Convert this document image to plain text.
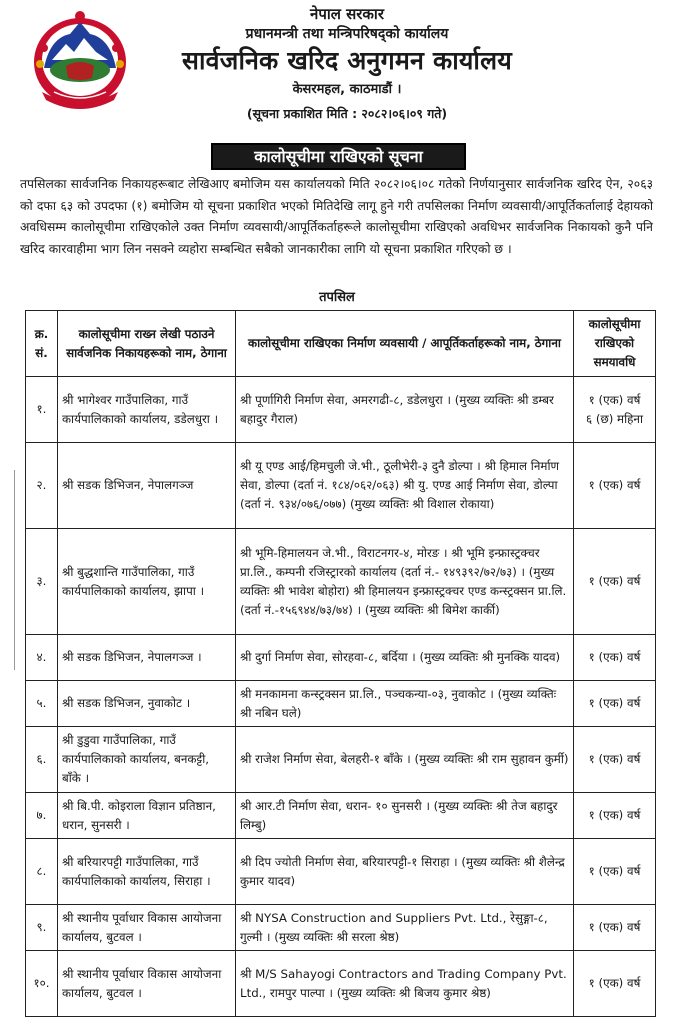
नेपाल सरकार
प्रधानमन्त्री तथा मन्त्रिपरिषद्को कार्यालय
सार्वजनिक खरिद अनुगमन कार्यालय
केसरमहल, काठमाडौं ।
(सूचना प्रकाशित मिति : २०८२।०६।०९ गते)
कालोसूचीमा राखिएको सूचना
तपसिलका सार्वजनिक निकायहरूबाट लेखिआए बमोजिम यस कार्यालयको मिति २०८२।०६।०८ गतेको निर्णयानुसार सार्वजनिक खरिद ऐन, २०६३ को दफा ६३ को उपदफा (१) बमोजिम यो सूचना प्रकाशित भएको मितिदेखि लागू हुने गरी तपसिलका निर्माण व्यवसायी/आपूर्तिकर्तालाई देहायको अवधिसम्म कालोसूचीमा राखिएकोले उक्त निर्माण व्यवसायी/आपूर्तिकर्ताहरूले कालोसूचीमा राखिएको अवधिभर सार्वजनिक निकायको कुनै पनि खरिद कारवाहीमा भाग लिन नसक्ने व्यहोरा सम्बन्धित सबैको जानकारीका लागि यो सूचना प्रकाशित गरिएको छ ।
तपसिल
क्र. सं.	कालोसूचीमा राख्न लेखी पठाउने सार्वजनिक निकायहरूको नाम, ठेगाना	कालोसूचीमा राखिएका निर्माण व्यवसायी / आपूर्तिकर्ताहरूको नाम, ठेगाना	कालोसूचीमा राखिएको समयावधि
१.	श्री भागेश्वर गाउँपालिका, गाउँ कार्यपालिकाको कार्यालय, डडेलधुरा ।	श्री पूर्णागिरी निर्माण सेवा, अमरगढी-८, डडेलधुरा । (मुख्य व्यक्तिः श्री डम्बर बहादुर गैराल)	१ (एक) वर्ष
६ (छ) महिना

२.	श्री सडक डिभिजन, नेपालगञ्ज	श्री यू एण्ड आई/हिमचुली जे.भी., ठूलीभेरी-३ दुनै डोल्पा । श्री हिमाल निर्माण सेवा, डोल्पा (दर्ता नं. १८४/०६२/०६३) श्री यु. एण्ड आई निर्माण सेवा, डोल्पा (दर्ता नं. ९३४/०७६/०७७) (मुख्य व्यक्तिः श्री विशाल रोकाया)	१ (एक) वर्ष
३.	श्री बुद्धशान्ति गाउँपालिका, गाउँ कार्यपालिकाको कार्यालय, झापा ।	श्री भूमि-हिमालयन जे.भी., विराटनगर-४, मोरङ । श्री भूमि इन्फ्रास्ट्रक्चर प्रा.लि., कम्पनी रजिस्ट्रारको कार्यालय (दर्ता नं.- १४९३९२/७२/७३) । (मुख्य व्यक्तिः श्री भावेश बोहोरा) श्री हिमालयन इन्फ्रास्ट्रक्चर एण्ड कन्स्ट्रक्सन प्रा.लि. (दर्ता नं.-१५६९४४/७३/७४) । (मुख्य व्यक्तिः श्री बिमेश कार्की)	१ (एक) वर्ष
४.	श्री सडक डिभिजन, नेपालगञ्ज ।	श्री दुर्गा निर्माण सेवा, सोरहवा-८, बर्दिया । (मुख्य व्यक्तिः श्री मुनक्कि यादव)	१ (एक) वर्ष
५.	श्री सडक डिभिजन, नुवाकोट ।	श्री मनकामना कन्स्ट्रक्सन प्रा.लि., पञ्चकन्या-०३, नुवाकोट । (मुख्य व्यक्तिः श्री नबिन घले)	१ (एक) वर्ष
६.	श्री डुडुवा गाउँपालिका, गाउँ कार्यपालिकाको कार्यालय, बनकट्टी, बाँके ।	श्री राजेश निर्माण सेवा, बेलहरी-१ बाँके । (मुख्य व्यक्तिः श्री राम सुहावन कुर्मी)	१ (एक) वर्ष
७.	श्री बि.पी. कोइराला विज्ञान प्रतिष्ठान, धरान, सुनसरी ।	श्री आर.टी निर्माण सेवा, धरान- १० सुनसरी । (मुख्य व्यक्तिः श्री तेज बहादुर लिम्बु)	१ (एक) वर्ष
८.	श्री बरियारपट्टी गाउँपालिका, गाउँ कार्यपालिकाको कार्यालय, सिराहा ।	श्री दिप ज्योती निर्माण सेवा, बरियारपट्टी-१ सिराहा । (मुख्य व्यक्तिः श्री शैलेन्द्र कुमार यादव)	१ (एक) वर्ष
९.	श्री स्थानीय पूर्वाधार विकास आयोजना कार्यालय, बुटवल ।	श्री NYSA Construction and Suppliers Pvt. Ltd., रेसुङ्गा-८, गुल्मी । (मुख्य व्यक्तिः श्री सरला श्रेष्ठ)	१ (एक) वर्ष
१०.	श्री स्थानीय पूर्वाधार विकास आयोजना कार्यालय, बुटवल ।	श्री M/S Sahayogi Contractors and Trading Company Pvt. Ltd., रामपुर पाल्पा । (मुख्य व्यक्तिः श्री बिजय कुमार श्रेष्ठ)	१ (एक) वर्ष
